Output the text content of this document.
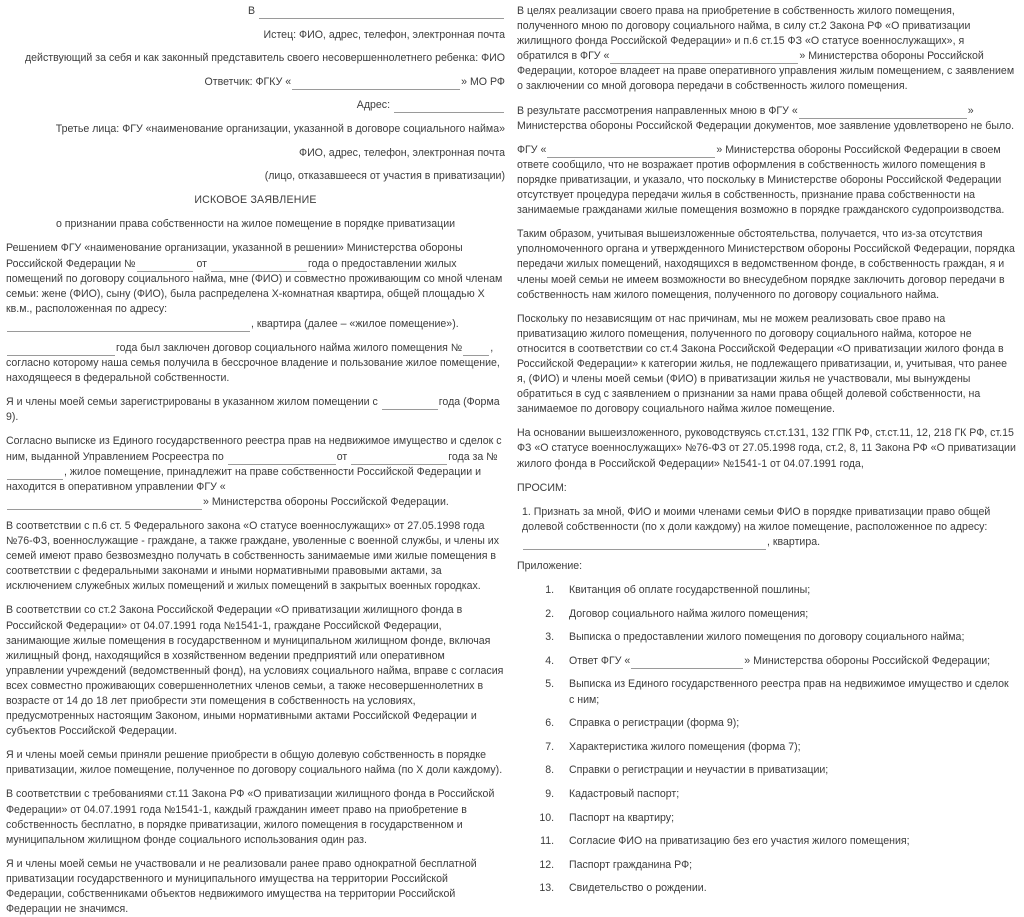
В
Истец: ФИО, адрес, телефон, электронная почта
действующий за себя и как законный представитель своего несовершеннолетнего ребенка: ФИО
Ответчик: ФГКУ «	» МО РФ
Адрес:
Третье лица: ФГУ «наименование организации, указанной в договоре социального найма»
ФИО, адрес, телефон, электронная почта
(лицо, отказавшееся от участия в приватизации)
ИСКОВОЕ ЗАЯВЛЕНИЕ
о признании права собственности на жилое помещение в порядке приватизации

Решением ФГУ «наименование организации, указанной в решении» Министерства обороны Российской Федерации №	от	года о предоставлении жилых помещений по договору социального найма, мне (ФИО) и совместно проживающим со мной членам семьи: жене (ФИО), сыну (ФИО), была распределена Х-комнатная квартира, общей площадью Х кв.м., расположенная по адресу:
, квартира (далее – «жилое помещение»).

года был заключен договор социального найма жилого помещения №	, согласно которому наша семья получила в бессрочное владение и пользование жилое помещение, находящееся в федеральной собственности.

Я и члены моей семьи зарегистрированы в указанном жилом помещении с	года (Форма 9).

Согласно выписке из Единого государственного реестра прав на недвижимое имущество и сделок с ним, выданной Управлением Росреестра по	от	года за №, жилое помещение, принадлежит на праве собственности Российской Федерации и находится в оперативном управлении ФГУ «
» Министерства обороны Российской Федерации.

В соответствии с п.6 ст. 5 Федерального закона «О статусе военнослужащих» от 27.05.1998 года №76-ФЗ, военнослужащие - граждане, а также граждане, уволенные с военной службы, и члены их семей имеют право безвозмездно получать в собственность занимаемые ими жилые помещения в соответствии с федеральными законами и иными нормативными правовыми актами, за исключением служебных жилых помещений и жилых помещений в закрытых военных городках.

В соответствии со ст.2 Закона Российской Федерации «О приватизации жилищного фонда в Российской Федерации» от 04.07.1991 года №1541-1, граждане Российской Федерации, занимающие жилые помещения в государственном и муниципальном жилищном фонде, включая жилищный фонд, находящийся в хозяйственном ведении предприятий или оперативном управлении учреждений (ведомственный фонд), на условиях социального найма, вправе с согласия всех совместно проживающих совершеннолетних членов семьи, а также несовершеннолетних в возрасте от 14 до 18 лет приобрести эти помещения в собственность на условиях, предусмотренных настоящим Законом, иными нормативными актами Российской Федерации и субъектов Российской Федерации.

Я и члены моей семьи приняли решение приобрести в общую долевую собственность в порядке приватизации, жилое помещение, полученное по договору социального найма (по Х доли каждому).

В соответствии с требованиями ст.11 Закона РФ «О приватизации жилищного фонда в Российской Федерации» от 04.07.1991 года №1541-1, каждый гражданин имеет право на приобретение в собственность бесплатно, в порядке приватизации, жилого помещения в государственном и муниципальном жилищном фонде социального использования один раз.

Я и члены моей семьи не участвовали и не реализовали ранее право однократной бесплатной приватизации государственного и муниципального имущества на территории Российской Федерации, собственниками объектов недвижимого имущества на территории Российской Федерации не значимся.

В целях реализации своего права на приобретение в собственность жилого помещения, полученного мною по договору социального найма, в силу ст.2 Закона РФ «О приватизации жилищного фонда Российской Федерации» и п.6 ст.15 ФЗ «О статусе военнослужащих», я обратился в ФГУ «	» Министерства обороны Российской Федерации, которое владеет на праве оперативного управления жилым помещением, с заявлением о заключении со мной договора передачи в собственность жилого помещения.

В результате рассмотрения направленных мною в ФГУ «	» Министерства обороны Российской Федерации документов, мое заявление удовлетворено не было.

ФГУ «	» Министерства обороны Российской Федерации в своем ответе сообщило, что не возражает против оформления в собственность жилого помещения в порядке приватизации, и указало, что поскольку в Министерстве обороны Российской Федерации отсутствует процедура передачи жилья в собственность, признание права собственности на занимаемые гражданами жилые помещения возможно в порядке гражданского судопроизводства.

Таким образом, учитывая вышеизложенные обстоятельства, получается, что из-за отсутствия уполномоченного органа и утвержденного Министерством обороны Российской Федерации, порядка передачи жилых помещений, находящихся в ведомственном фонде, в собственность граждан, я и члены моей семьи не имеем возможности во внесудебном порядке заключить договор передачи в собственность нам жилого помещения, полученного по договору социального найма.

Поскольку по независящим от нас причинам, мы не можем реализовать свое право на приватизацию жилого помещения, полученного по договору социального найма, которое не относится в соответствии со ст.4 Закона Российской Федерации «О приватизации жилого фонда в Российской Федерации» к категории жилья, не подлежащего приватизации, и, учитывая, что ранее я, (ФИО) и члены моей семьи (ФИО) в приватизации жилья не участвовали, мы вынуждены обратиться в суд с заявлением о признании за нами права общей долевой собственности, на занимаемое по договору социального найма жилое помещение.

На основании вышеизложенного, руководствуясь ст.ст.131, 132 ГПК РФ, ст.ст.11, 12, 218 ГК РФ, ст.15 ФЗ «О статусе военнослужащих» №76-ФЗ от 27.05.1998 года, ст.2, 8, 11 Закона РФ «О приватизации жилого фонда в Российской Федерации» №1541-1 от 04.07.1991 года,

ПРОСИМ:

1. Признать за мной, ФИО и моими членами семьи ФИО в порядке приватизации право общей долевой собственности (по х доли каждому) на жилое помещение, расположенное по адресу:
, квартира.

Приложение:

1. Квитанция об оплате государственной пошлины;
2. Договор социального найма жилого помещения;
3. Выписка о предоставлении жилого помещения по договору социального найма;
4. Ответ ФГУ «	» Министерства обороны Российской Федерации;
5. Выписка из Единого государственного реестра прав на недвижимое имущество и сделок с ним;
6. Справка о регистрации (форма 9);
7. Характеристика жилого помещения (форма 7);
8. Справки о регистрации и неучастии в приватизации;
9. Кадастровый паспорт;
10. Паспорт на квартиру;
11. Согласие ФИО на приватизацию без его участия жилого помещения;
12. Паспорт гражданина РФ;
13. Свидетельство о рождении.
